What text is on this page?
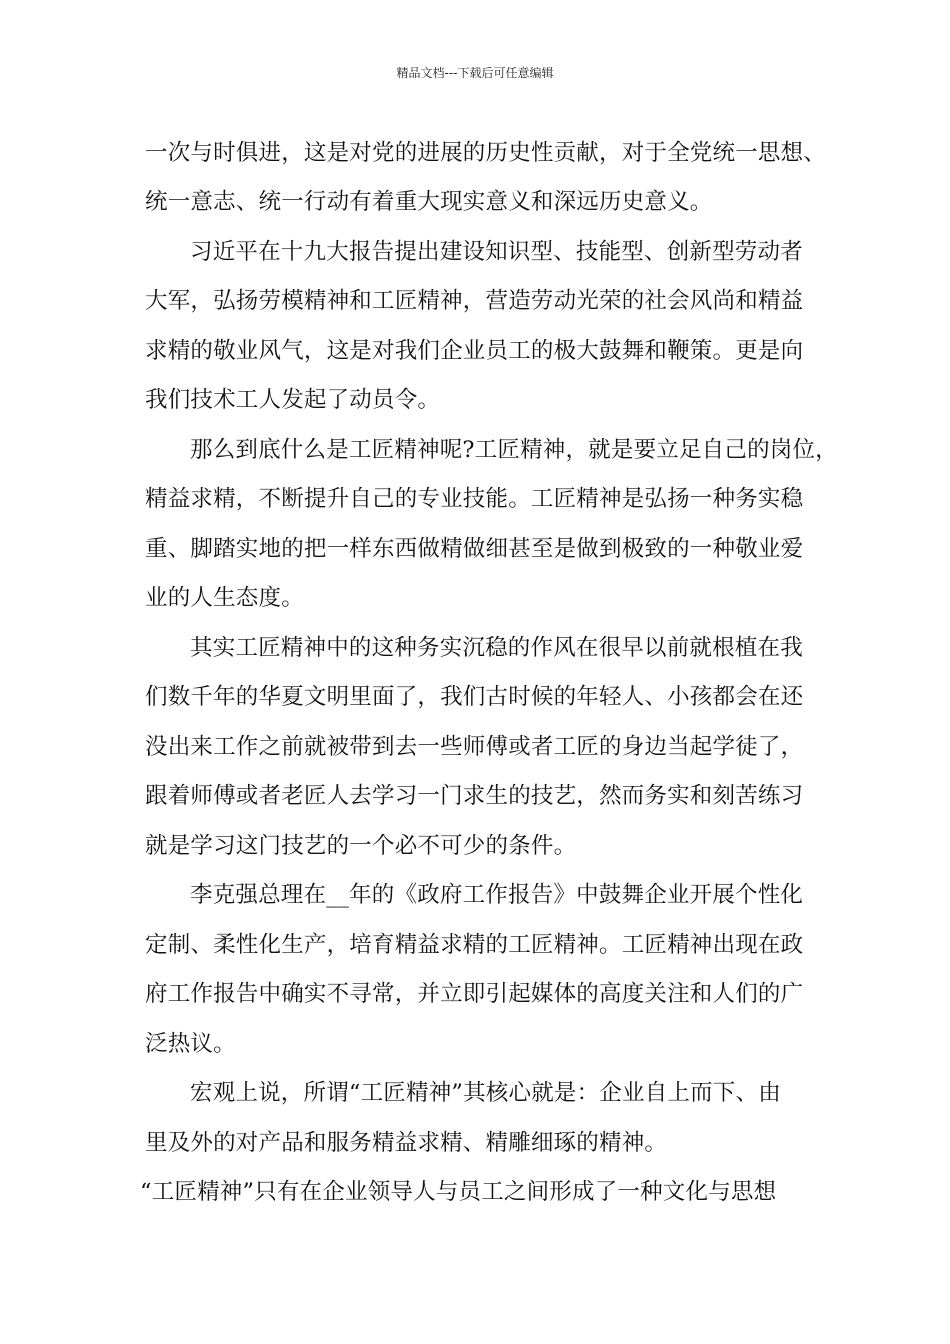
精品文档---下载后可任意编辑
一次与时俱进，这是对党的进展的历史性贡献，对于全党统一思想、
统一意志、统一行动有着重大现实意义和深远历史意义。
习近平在十九大报告提出建设知识型、技能型、创新型劳动者
大军，弘扬劳模精神和工匠精神，营造劳动光荣的社会风尚和精益
求精的敬业风气，这是对我们企业员工的极大鼓舞和鞭策。更是向
我们技术工人发起了动员令。
那么到底什么是工匠精神呢?工匠精神，就是要立足自己的岗位，
精益求精，不断提升自己的专业技能。工匠精神是弘扬一种务实稳
重、脚踏实地的把一样东西做精做细甚至是做到极致的一种敬业爱
业的人生态度。
其实工匠精神中的这种务实沉稳的作风在很早以前就根植在我
们数千年的华夏文明里面了，我们古时候的年轻人、小孩都会在还
没出来工作之前就被带到去一些师傅或者工匠的身边当起学徒了，
跟着师傅或者老匠人去学习一门求生的技艺，然而务实和刻苦练习
就是学习这门技艺的一个必不可少的条件。
李克强总理在__年的《政府工作报告》中鼓舞企业开展个性化
定制、柔性化生产，培育精益求精的工匠精神。工匠精神出现在政
府工作报告中确实不寻常，并立即引起媒体的高度关注和人们的广
泛热议。
宏观上说，所谓“工匠精神”其核心就是：企业自上而下、由
里及外的对产品和服务精益求精、精雕细琢的精神。
“工匠精神”只有在企业领导人与员工之间形成了一种文化与思想
